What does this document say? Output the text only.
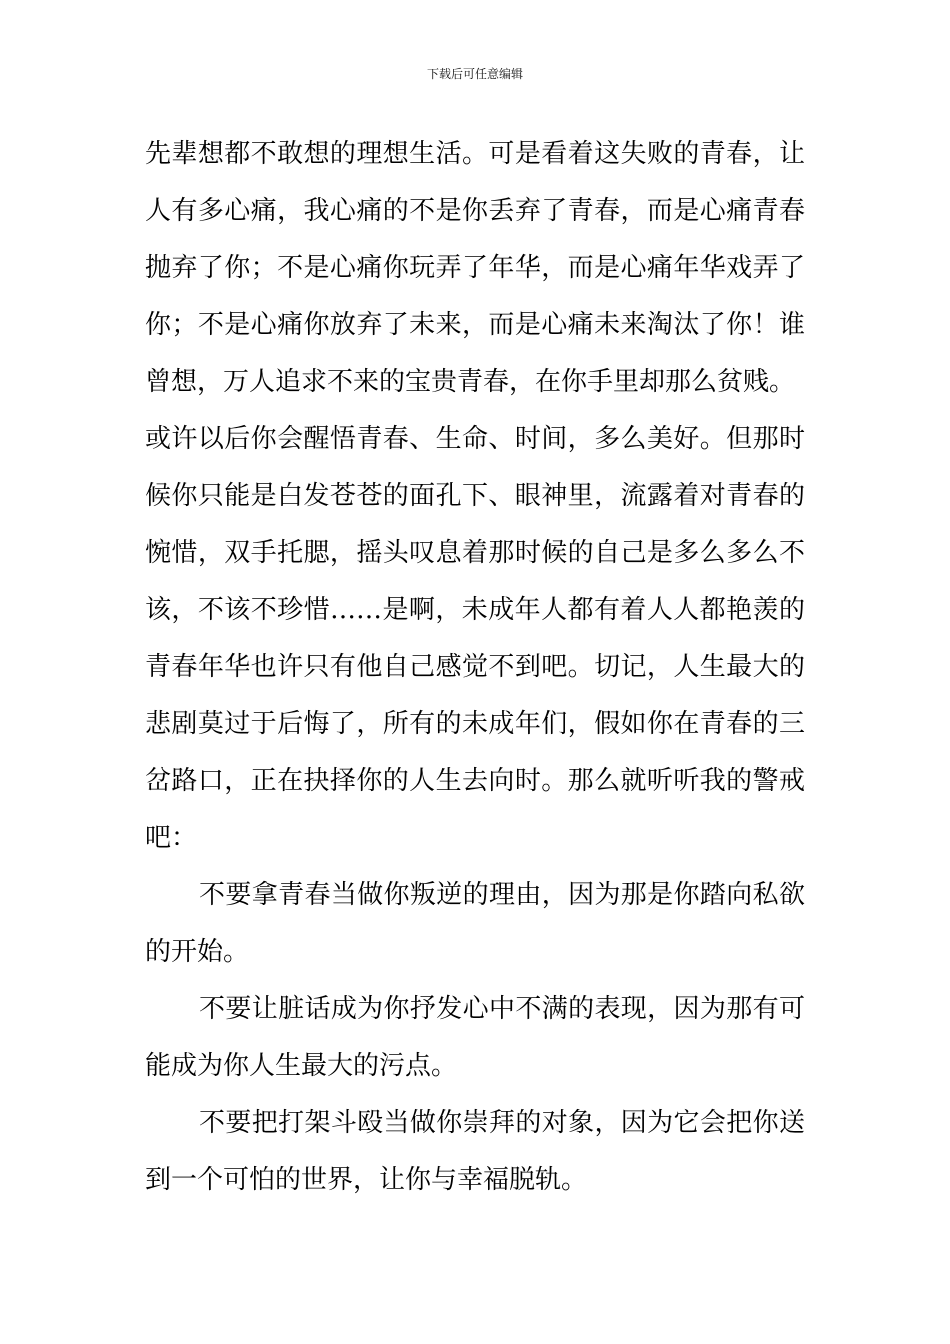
下载后可任意编辑
先辈想都不敢想的理想生活。可是看着这失败的青春，让
人有多心痛，我心痛的不是你丢弃了青春，而是心痛青春
抛弃了你；不是心痛你玩弄了年华，而是心痛年华戏弄了
你；不是心痛你放弃了未来，而是心痛未来淘汰了你！谁
曾想，万人追求不来的宝贵青春，在你手里却那么贫贱。
或许以后你会醒悟青春、生命、时间，多么美好。但那时
候你只能是白发苍苍的面孔下、眼神里，流露着对青春的
惋惜，双手托腮，摇头叹息着那时候的自己是多么多么不
该，不该不珍惜……是啊，未成年人都有着人人都艳羡的
青春年华也许只有他自己感觉不到吧。切记，人生最大的
悲剧莫过于后悔了，所有的未成年们，假如你在青春的三
岔路口，正在抉择你的人生去向时。那么就听听我的警戒
吧：
不要拿青春当做你叛逆的理由，因为那是你踏向私欲
的开始。
不要让脏话成为你抒发心中不满的表现，因为那有可
能成为你人生最大的污点。
不要把打架斗殴当做你崇拜的对象，因为它会把你送
到一个可怕的世界，让你与幸福脱轨。
